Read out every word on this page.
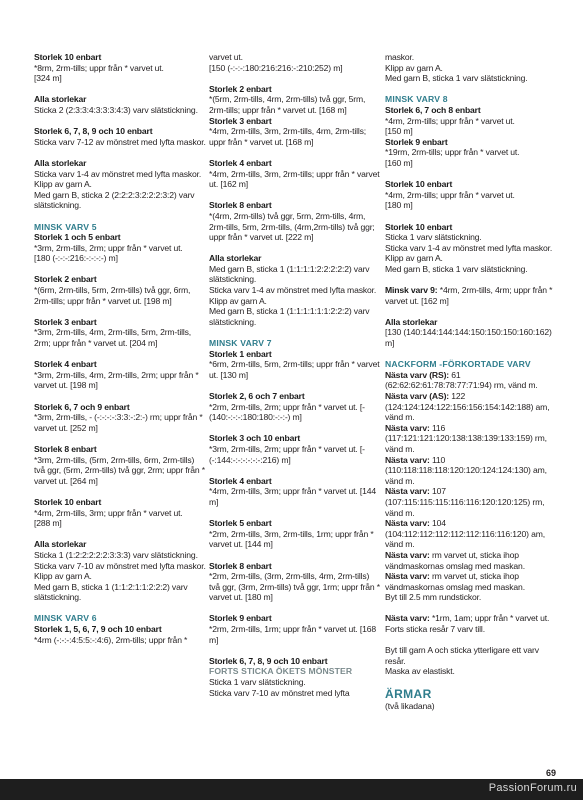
Storlek 10 enbart
*8rm, 2rm-tills; uppr från * varvet ut.
[324 m]
Alla storlekar
Sticka 2 (2:3:3:4:3:3:3:4:3) varv slätstickning.
Storlek 6, 7, 8, 9 och 10 enbart
Sticka varv 7-12 av mönstret med lyfta maskor.
Alla storlekar
Sticka varv 1-4 av mönstret med lyfta maskor.
Klipp av garn A.
Med garn B, sticka 2 (2:2:2:3:2:2:2:3:2) varv slätstickning.
MINSK VARV 5
Storlek 1 och 5 enbart
*3rm, 2rm-tills, 2rm; uppr från * varvet ut.
[180 (-:-:-:216:-:-:-:-) m]
Storlek 2 enbart
*(6rm, 2rm-tills, 5rm, 2rm-tills) två ggr, 6rm, 2rm-tills; uppr från * varvet ut. [198 m]
Storlek 3 enbart
*3rm, 2rm-tills, 4rm, 2rm-tills, 5rm, 2rm-tills, 2rm; uppr från * varvet ut. [204 m]
Storlek 4 enbart
*3rm, 2rm-tills, 4rm, 2rm-tills, 2rm; uppr från * varvet ut. [198 m]
Storlek 6, 7 och 9 enbart
*3rm, 2rm-tills, - (-:-:-:-:3:3:-:2:-) rm; uppr från * varvet ut. [252 m]
Storlek 8 enbart
*3rm, 2rm-tills, (5rm, 2rm-tills, 6rm, 2rm-tills) två ggr, (5rm, 2rm-tills) två ggr, 2rm; uppr från * varvet ut. [264 m]
Storlek 10 enbart
*4rm, 2rm-tills, 3rm; uppr från * varvet ut.
[288 m]
Alla storlekar
Sticka 1 (1:2:2:2:2:2:3:3:3) varv slätstickning.
Sticka varv 7-10 av mönstret med lyfta maskor.
Klipp av garn A.
Med garn B, sticka 1 (1:1:2:1:1:2:2:2) varv slätstickning.
MINSK VARV 6
Storlek 1, 5, 6, 7, 9 och 10 enbart
*4rm (-:-:-:4:5:5:-:4:6), 2rm-tills; uppr från *
varvet ut.
[150 (-:-:-:180:216:216:-:210:252) m]
Storlek 2 enbart
*(5rm, 2rm-tills, 4rm, 2rm-tills) två ggr, 5rm, 2rm-tills; uppr från * varvet ut. [168 m]
Storlek 3 enbart
*4rm, 2rm-tills, 3rm, 2rm-tills, 4rm, 2rm-tills; uppr från * varvet ut. [168 m]
Storlek 4 enbart
*4rm, 2rm-tills, 3rm, 2rm-tills; uppr från * varvet ut. [162 m]
Storlek 8 enbart
*(4rm, 2rm-tills) två ggr, 5rm, 2rm-tills, 4rm, 2rm-tills, 5rm, 2rm-tills, (4rm,2rm-tills) två ggr; uppr från * varvet ut. [222 m]
Alla storlekar
Med garn B, sticka 1 (1:1:1:1:2:2:2:2:2) varv slätstickning.
Sticka varv 1-4 av mönstret med lyfta maskor.
Klipp av garn A.
Med garn B, sticka 1 (1:1:1:1:1:1:2:2:2) varv slätstickning.
MINSK VARV 7
Storlek 1 enbart
*6rm, 2rm-tills, 5rm, 2rm-tills; uppr från * varvet ut. [130 m]
Storlek 2, 6 och 7 enbart
*2rm, 2rm-tills, 2rm; uppr från * varvet ut. [- (140:-:-:-:180:180:-:-:-) m]
Storlek 3 och 10 enbart
*3rm, 2rm-tills, 2rm; uppr från * varvet ut. [- (-:144:-:-:-:-:-:-:216) m]
Storlek 4 enbart
*4rm, 2rm-tills, 3rm; uppr från * varvet ut. [144 m]
Storlek 5 enbart
*2rm, 2rm-tills, 3rm, 2rm-tills, 1rm; uppr från * varvet ut. [144 m]
Storlek 8 enbart
*2rm, 2rm-tills, (3rm, 2rm-tills, 4rm, 2rm-tills) två ggr, (3rm, 2rm-tills) två ggr, 1rm; uppr från * varvet ut. [180 m]
Storlek 9 enbart
*2rm, 2rm-tills, 1rm; uppr från * varvet ut. [168 m]
Storlek 6, 7, 8, 9 och 10 enbart
FORTS STICKA ÖKETS MÖNSTER
Sticka 1 varv slätstickning.
Sticka varv 7-10 av mönstret med lyfta
maskor.
Klipp av garn A.
Med garn B, sticka 1 varv slätstickning.
MINSK VARV 8
Storlek 6, 7 och 8 enbart
*4rm, 2rm-tills; uppr från * varvet ut.
[150 m]
Storlek 9 enbart
*19rm, 2rm-tills; uppr från * varvet ut.
[160 m]
Storlek 10 enbart
*4rm, 2rm-tills; uppr från * varvet ut.
[180 m]
Storlek 10 enbart
Sticka 1 varv slätstickning.
Sticka varv 1-4 av mönstret med lyfta maskor.
Klipp av garn A.
Med garn B, sticka 1 varv slätstickning.
Minsk varv 9: *4rm, 2rm-tills, 4rm; uppr från * varvet ut. [162 m]
Alla storlekar
[130 (140:144:144:144:150:150:150:160:162) m]
NACKFORM -FÖRKORTADE VARV
Nästa varv (RS): 61 (62:62:62:61:78:78:77:71:94) rm, vänd m.
Nästa varv (AS): 122 (124:124:124:122:156:156:154:142:188) am, vänd m.
Nästa varv: 116 (117:121:121:120:138:138:139:133:159) rm, vänd m.
Nästa varv: 110 (110:118:118:118:120:120:124:124:130) am, vänd m.
Nästa varv: 107 (107:115:115:115:116:116:120:120:125) rm, vänd m.
Nästa varv: 104 (104:112:112:112:112:112:116:116:120) am, vänd m.
Nästa varv: rm varvet ut, sticka ihop vändmaskornas omslag med maskan.
Nästa varv: rm varvet ut, sticka ihop vändmaskornas omslag med maskan.
Byt till 2.5 mm rundstickor.
Nästa varv: *1rm, 1am; uppr från * varvet ut.
Forts sticka resår 7 varv till.
Byt till garn A och sticka ytterligare ett varv resår.
Maska av elastiskt.
ÄRMAR
(två likadana)
69
PassionForum.ru
